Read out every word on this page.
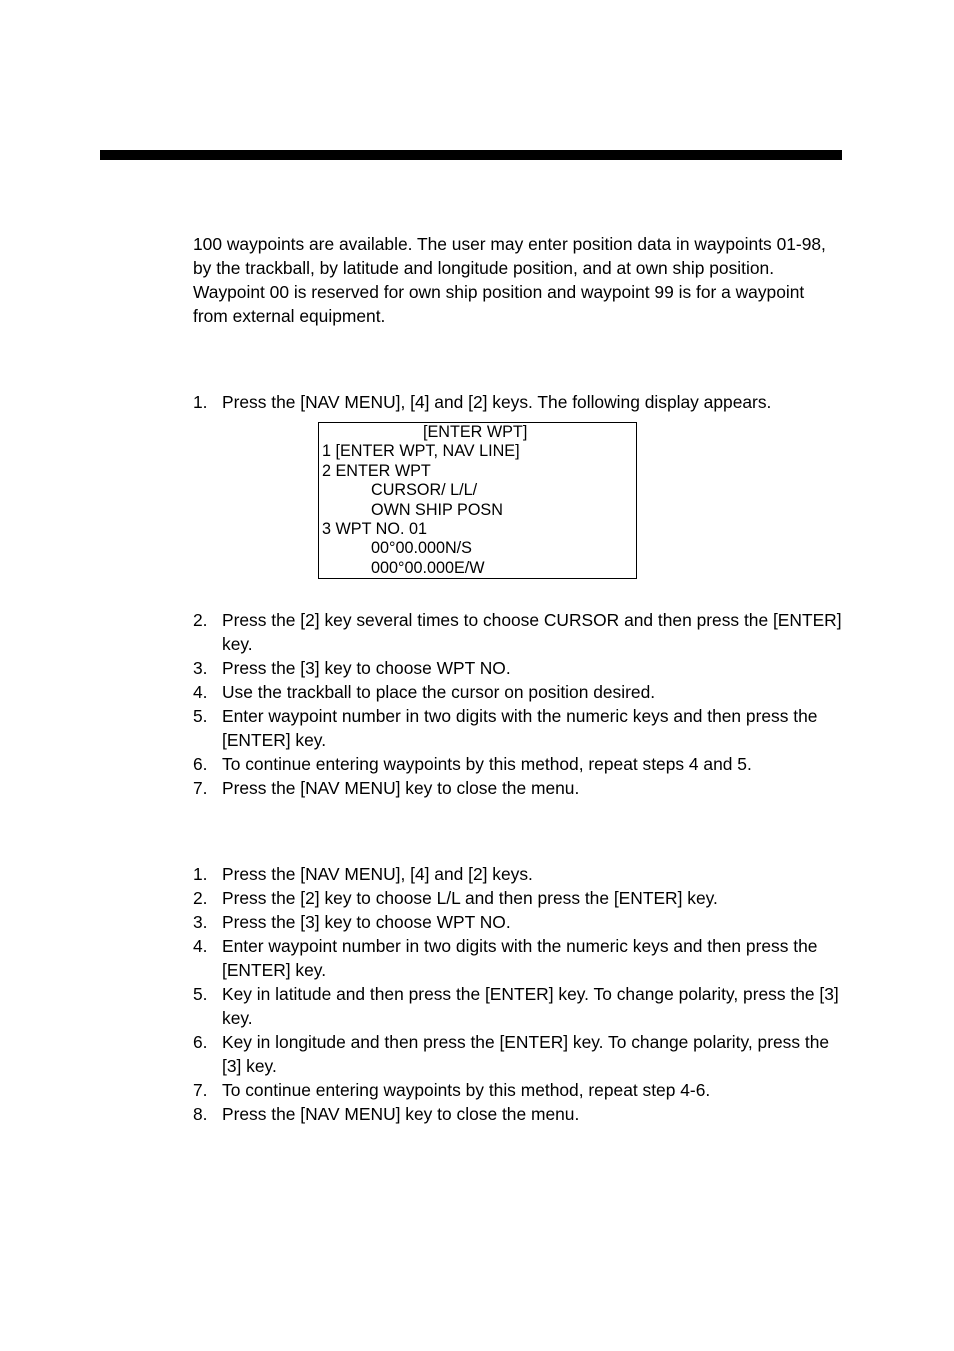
100 waypoints are available. The user may enter position data in waypoints 01-98, by the trackball, by latitude and longitude position, and at own ship position. Waypoint 00 is reserved for own ship position and waypoint 99 is for a waypoint from external equipment.

1. Press the [NAV MENU], [4] and [2] keys. The following display appears.
[ENTER WPT]
1 [ENTER WPT, NAV LINE]
2 ENTER WPT
CURSOR/ L/L/
OWN SHIP POSN
3 WPT NO. 01
00°00.000N/S
000°00.000E/W
2. Press the [2] key several times to choose CURSOR and then press the [ENTER] key.
3. Press the [3] key to choose WPT NO.
4. Use the trackball to place the cursor on position desired.
5. Enter waypoint number in two digits with the numeric keys and then press the [ENTER] key.
6. To continue entering waypoints by this method, repeat steps 4 and 5.
7. Press the [NAV MENU] key to close the menu.
1. Press the [NAV MENU], [4] and [2] keys.
2. Press the [2] key to choose L/L and then press the [ENTER] key.
3. Press the [3] key to choose WPT NO.
4. Enter waypoint number in two digits with the numeric keys and then press the [ENTER] key.
5. Key in latitude and then press the [ENTER] key. To change polarity, press the [3] key.
6. Key in longitude and then press the [ENTER] key. To change polarity, press the [3] key.
7. To continue entering waypoints by this method, repeat step 4-6.
8. Press the [NAV MENU] key to close the menu.
